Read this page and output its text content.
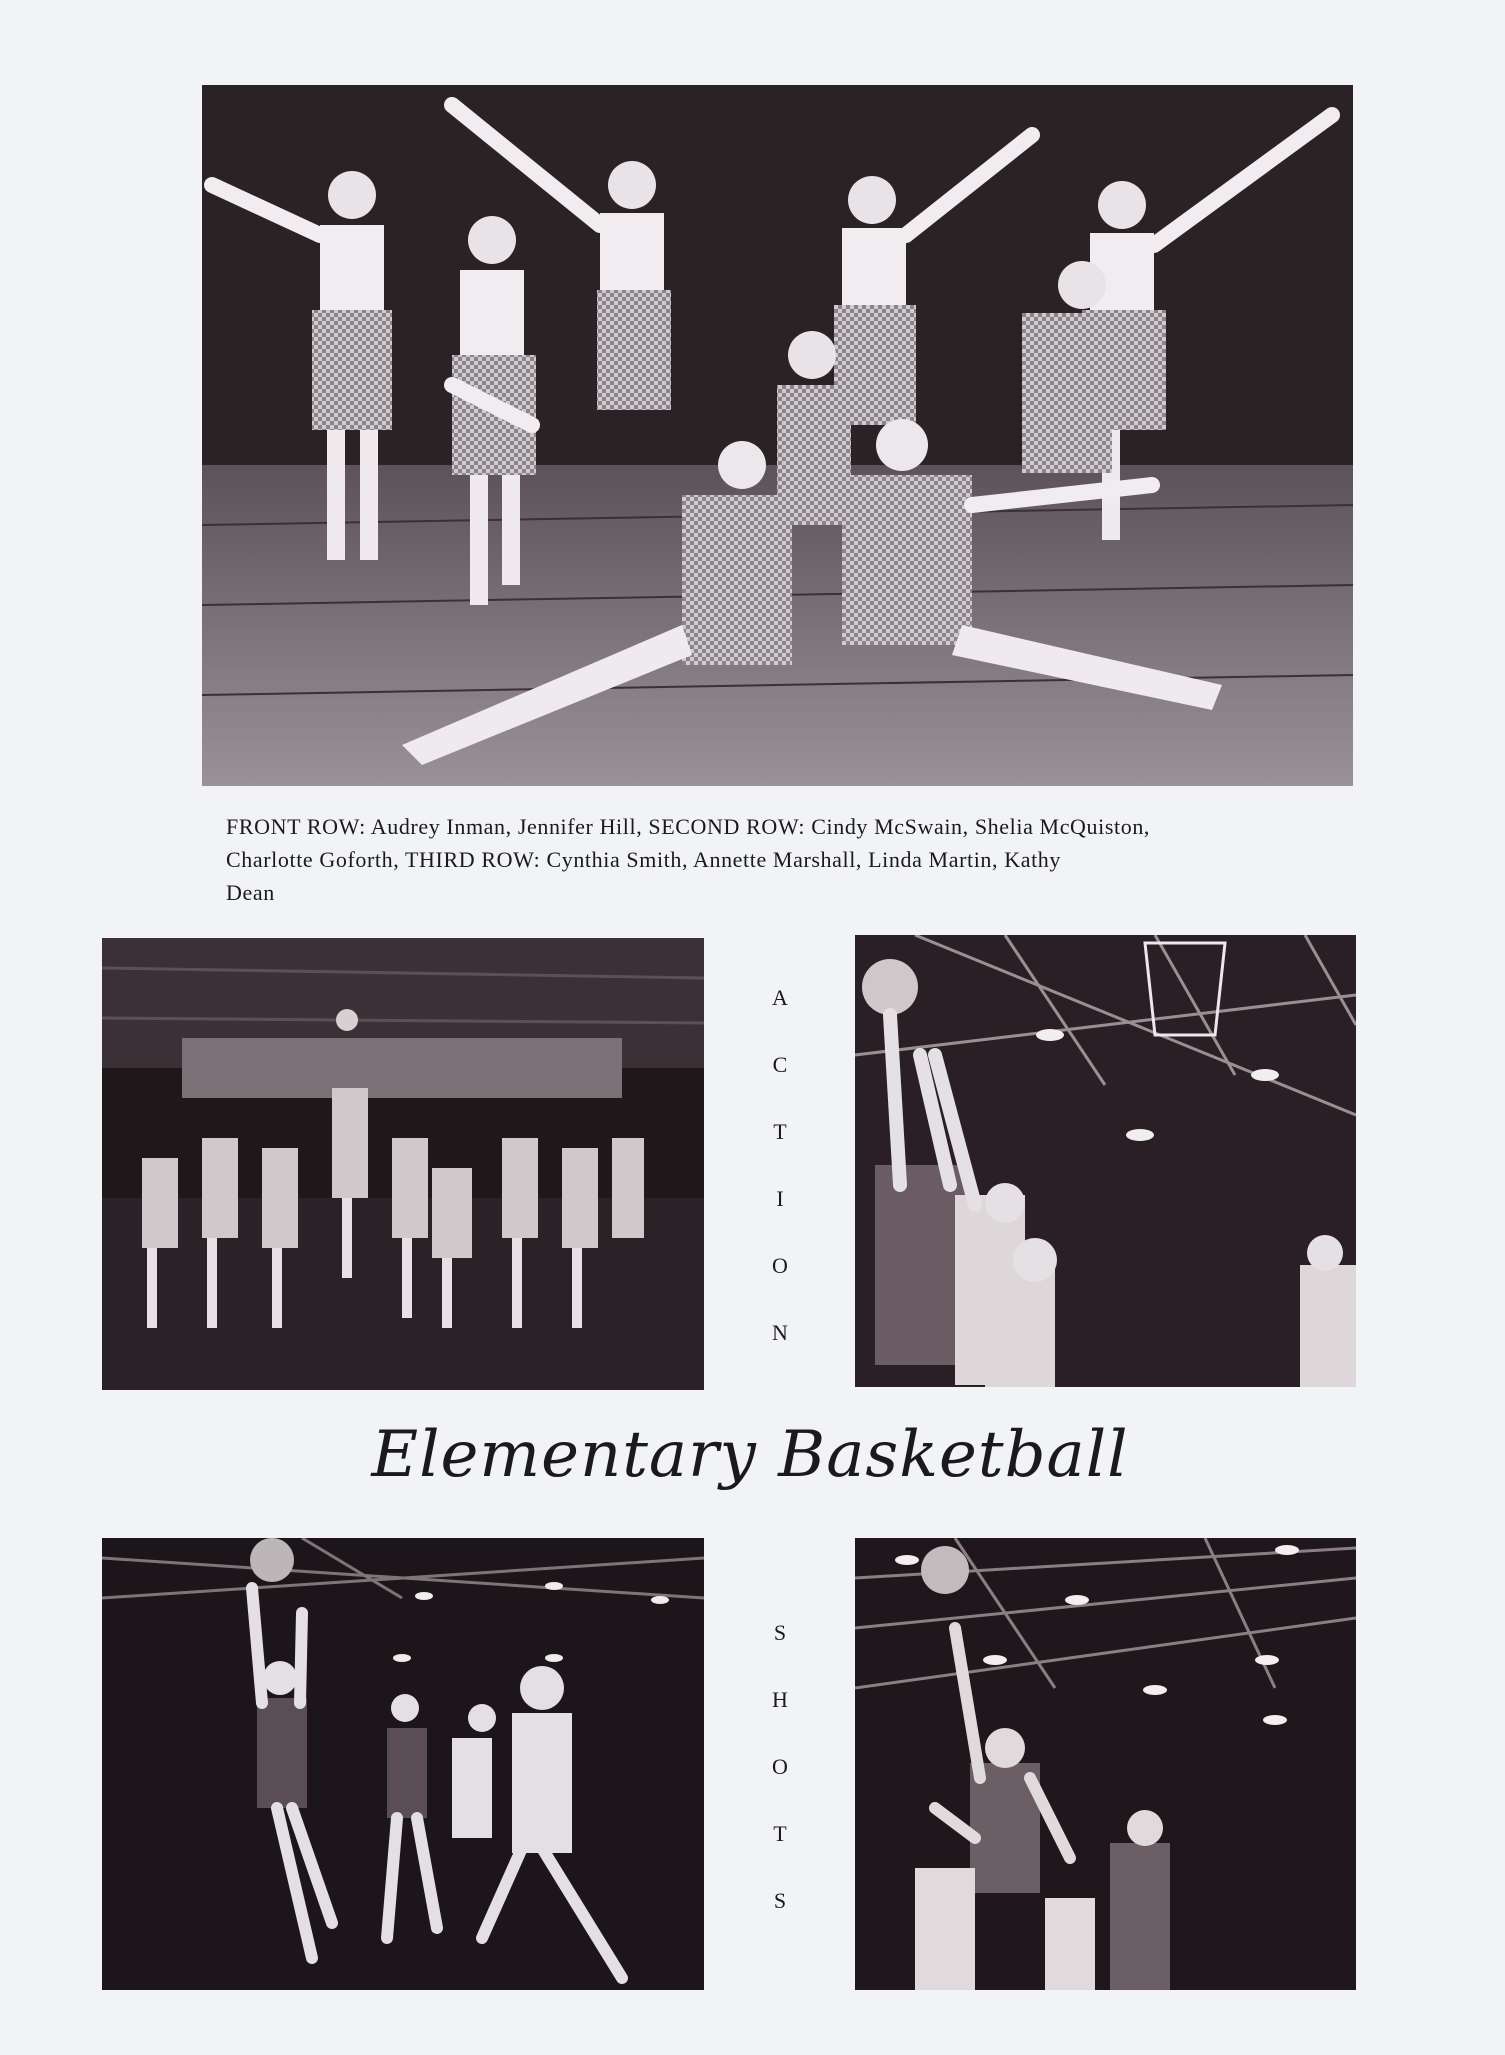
FRONT ROW: Audrey Inman, Jennifer Hill, SECOND ROW: Cindy McSwain, Shelia McQuiston,
Charlotte Goforth, THIRD ROW: Cynthia Smith, Annette Marshall, Linda Martin, Kathy
Dean
A
C
T
I
O
N
Elementary Basketball
S
H
O
T
S
